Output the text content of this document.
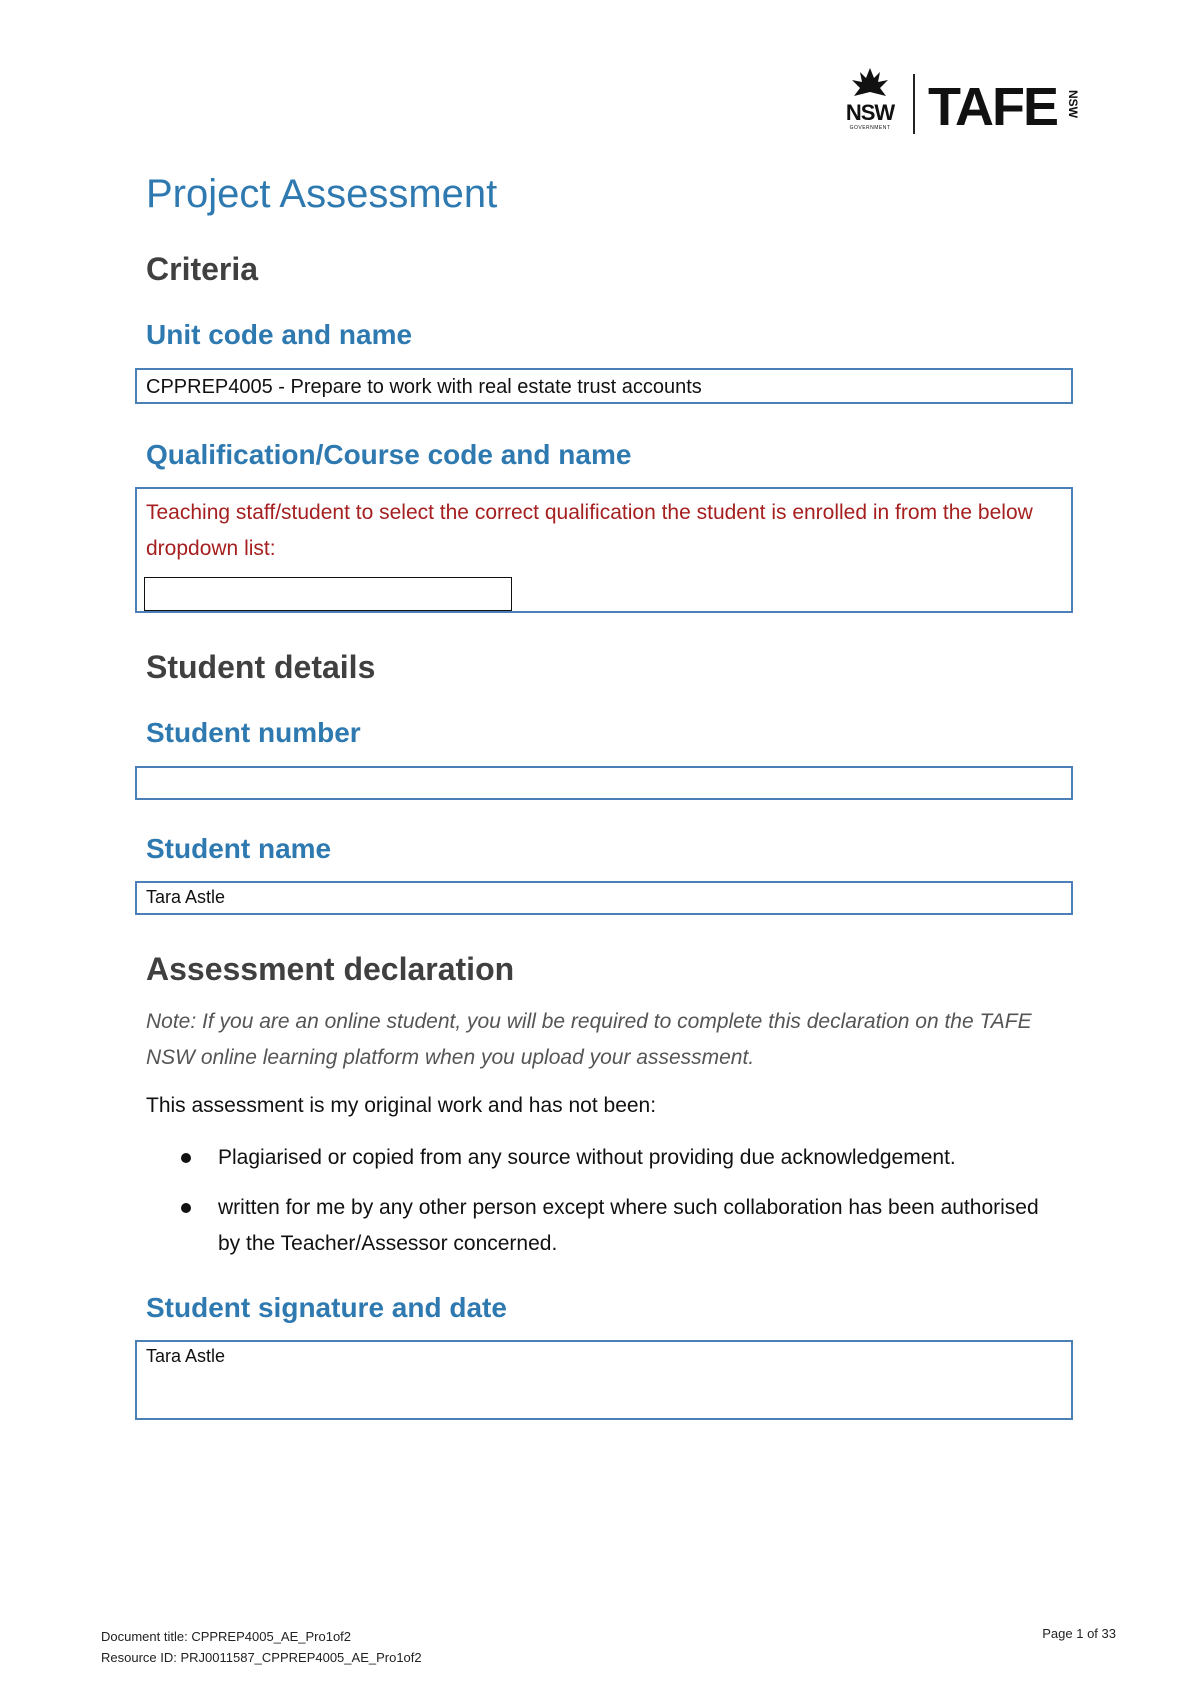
NSW
GOVERNMENT TAFE NSW
Project Assessment
Criteria
Unit code and name
CPPREP4005 - Prepare to work with real estate trust accounts
Qualification/Course code and name
Teaching staff/student to select the correct qualification the student is enrolled in from the below dropdown list:
Student details
Student number
Student name
Tara Astle
Assessment declaration

Note: If you are an online student, you will be required to complete this declaration on the TAFE NSW online learning platform when you upload your assessment.

This assessment is my original work and has not been:

Plagiarised or copied from any source without providing due acknowledgement.
written for me by any other person except where such collaboration has been authorised by the Teacher/Assessor concerned.
Student signature and date
Tara Astle
Document title: CPPREP4005_AE_Pro1of2
Resource ID: PRJ0011587_CPPREP4005_AE_Pro1of2
Page 1 of 33
